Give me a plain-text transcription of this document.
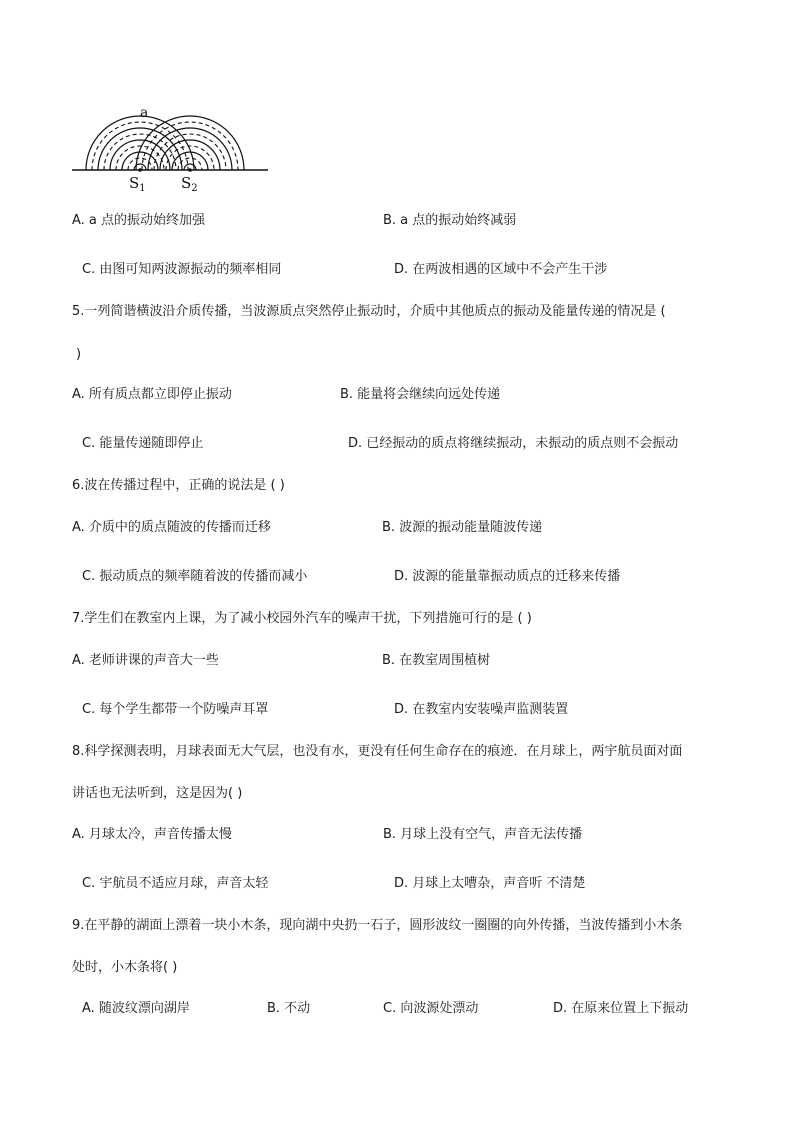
a
$S_1$ $S_2$
A. a 点的振动始终加强	B. a 点的振动始终减弱
C. 由图可知两波源振动的频率相同	D. 在两波相遇的区域中不会产生干涉
5.一列简谐横波沿介质传播，当波源质点突然停止振动时，介质中其他质点的振动及能量传递的情况是 (
)
A. 所有质点都立即停止振动	B. 能量将会继续向远处传递
C. 能量传递随即停止	D. 已经振动的质点将继续振动，未振动的质点则不会振动
6.波在传播过程中，正确的说法是 ( )
A. 介质中的质点随波的传播而迁移	B. 波源的振动能量随波传递
C. 振动质点的频率随着波的传播而减小	D. 波源的能量靠振动质点的迁移来传播
7.学生们在教室内上课，为了减小校园外汽车的噪声干扰，下列措施可行的是 ( )
A. 老师讲课的声音大一些	B. 在教室周围植树
C. 每个学生都带一个防噪声耳罩	D. 在教室内安装噪声监测装置
8.科学探测表明，月球表面无大气层，也没有水，更没有任何生命存在的痕迹．在月球上，两宇航员面对面
讲话也无法听到，这是因为( )
A. 月球太冷，声音传播太慢	B. 月球上没有空气，声音无法传播
C. 宇航员不适应月球，声音太轻	D. 月球上太嘈杂，声音听 不清楚
9.在平静的湖面上漂着一块小木条，现向湖中央扔一石子，圆形波纹一圈圈的向外传播，当波传播到小木条
处时，小木条将( )
A. 随波纹漂向湖岸	B. 不动	C. 向波源处漂动	D. 在原来位置上下振动
